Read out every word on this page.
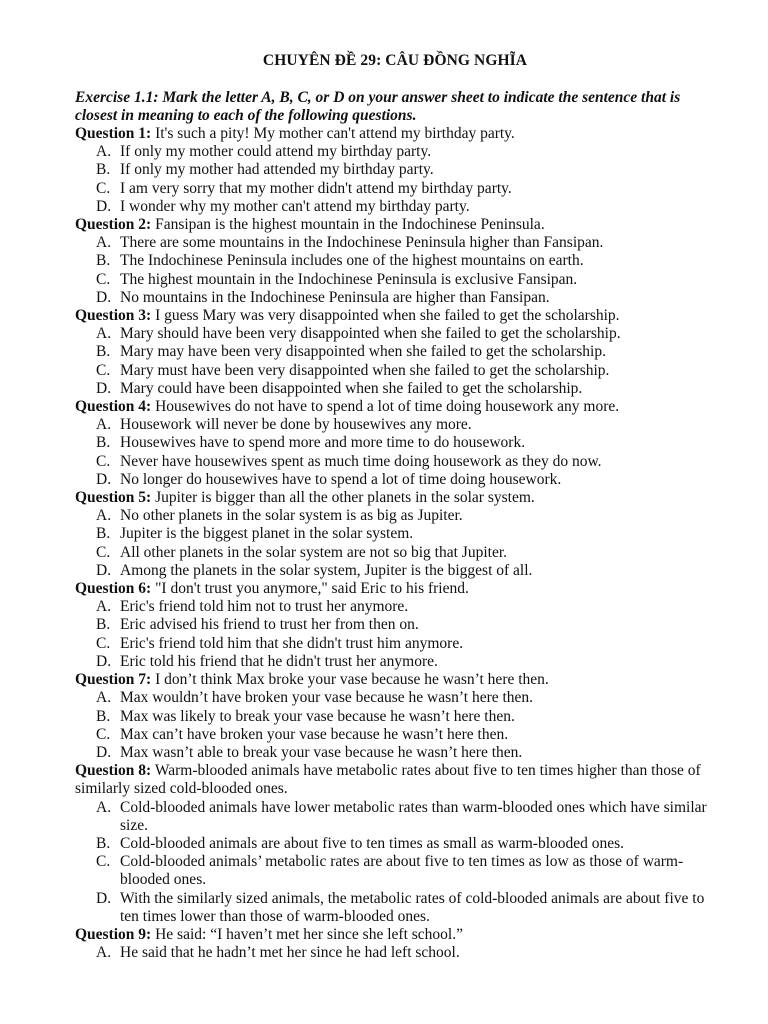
CHUYÊN ĐỀ 29: CÂU ĐỒNG NGHĨA

Exercise 1.1: Mark the letter A, B, C, or D on your answer sheet to indicate the sentence that is closest in meaning to each of the following questions.

Question 1: It's such a pity! My mother can't attend my birthday party.

A. If only my mother could attend my birthday party.
B. If only my mother had attended my birthday party.
C. I am very sorry that my mother didn't attend my birthday party.
D. I wonder why my mother can't attend my birthday party.

Question 2: Fansipan is the highest mountain in the Indochinese Peninsula.

A. There are some mountains in the Indochinese Peninsula higher than Fansipan.
B. The Indochinese Peninsula includes one of the highest mountains on earth.
C. The highest mountain in the Indochinese Peninsula is exclusive Fansipan.
D. No mountains in the Indochinese Peninsula are higher than Fansipan.

Question 3: I guess Mary was very disappointed when she failed to get the scholarship.

A. Mary should have been very disappointed when she failed to get the scholarship.
B. Mary may have been very disappointed when she failed to get the scholarship.
C. Mary must have been very disappointed when she failed to get the scholarship.
D. Mary could have been disappointed when she failed to get the scholarship.

Question 4: Housewives do not have to spend a lot of time doing housework any more.

A. Housework will never be done by housewives any more.
B. Housewives have to spend more and more time to do housework.
C. Never have housewives spent as much time doing housework as they do now.
D. No longer do housewives have to spend a lot of time doing housework.

Question 5: Jupiter is bigger than all the other planets in the solar system.

A. No other planets in the solar system is as big as Jupiter.
B. Jupiter is the biggest planet in the solar system.
C. All other planets in the solar system are not so big that Jupiter.
D. Among the planets in the solar system, Jupiter is the biggest of all.

Question 6: "I don't trust you anymore," said Eric to his friend.

A. Eric's friend told him not to trust her anymore.
B. Eric advised his friend to trust her from then on.
C. Eric's friend told him that she didn't trust him anymore.
D. Eric told his friend that he didn't trust her anymore.

Question 7: I don’t think Max broke your vase because he wasn’t here then.

A. Max wouldn’t have broken your vase because he wasn’t here then.
B. Max was likely to break your vase because he wasn’t here then.
C. Max can’t have broken your vase because he wasn’t here then.
D. Max wasn’t able to break your vase because he wasn’t here then.

Question 8: Warm-blooded animals have metabolic rates about five to ten times higher than those of similarly sized cold-blooded ones.

A. Cold-blooded animals have lower metabolic rates than warm-blooded ones which have similar size.
B. Cold-blooded animals are about five to ten times as small as warm-blooded ones.
C. Cold-blooded animals’ metabolic rates are about five to ten times as low as those of warm- blooded ones.
D. With the similarly sized animals, the metabolic rates of cold-blooded animals are about five to ten times lower than those of warm-blooded ones.

Question 9: He said: “I haven’t met her since she left school.”

A. He said that he hadn’t met her since he had left school.
